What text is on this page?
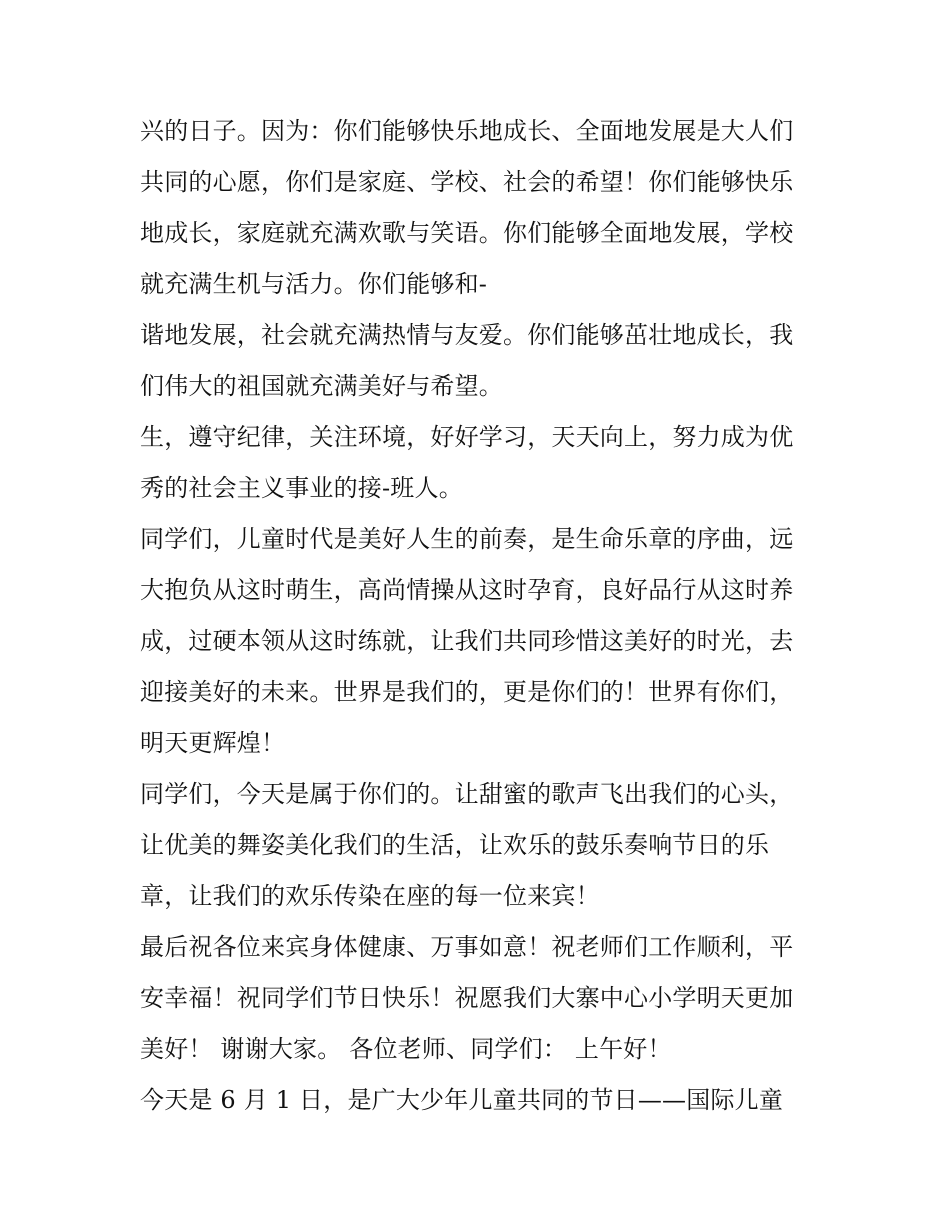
兴的日子。因为：你们能够快乐地成长、全面地发展是大人们
共同的心愿，你们是家庭、学校、社会的希望！你们能够快乐
地成长，家庭就充满欢歌与笑语。你们能够全面地发展，学校
就充满生机与活力。你们能够和-
谐地发展，社会就充满热情与友爱。你们能够茁壮地成长，我
们伟大的祖国就充满美好与希望。
生，遵守纪律，关注环境，好好学习，天天向上，努力成为优
秀的社会主义事业的接-班人。
同学们，儿童时代是美好人生的前奏，是生命乐章的序曲，远
大抱负从这时萌生，高尚情操从这时孕育，良好品行从这时养
成，过硬本领从这时练就，让我们共同珍惜这美好的时光，去
迎接美好的未来。世界是我们的，更是你们的！世界有你们，
明天更辉煌！
同学们，今天是属于你们的。让甜蜜的歌声飞出我们的心头，
让优美的舞姿美化我们的生活，让欢乐的鼓乐奏响节日的乐
章，让我们的欢乐传染在座的每一位来宾！
最后祝各位来宾身体健康、万事如意！祝老师们工作顺利，平
安幸福！祝同学们节日快乐！祝愿我们大寨中心小学明天更加
美好！ 谢谢大家。 各位老师、同学们： 上午好！
今天是 6 月 1 日，是广大少年儿童共同的节日——国际儿童
